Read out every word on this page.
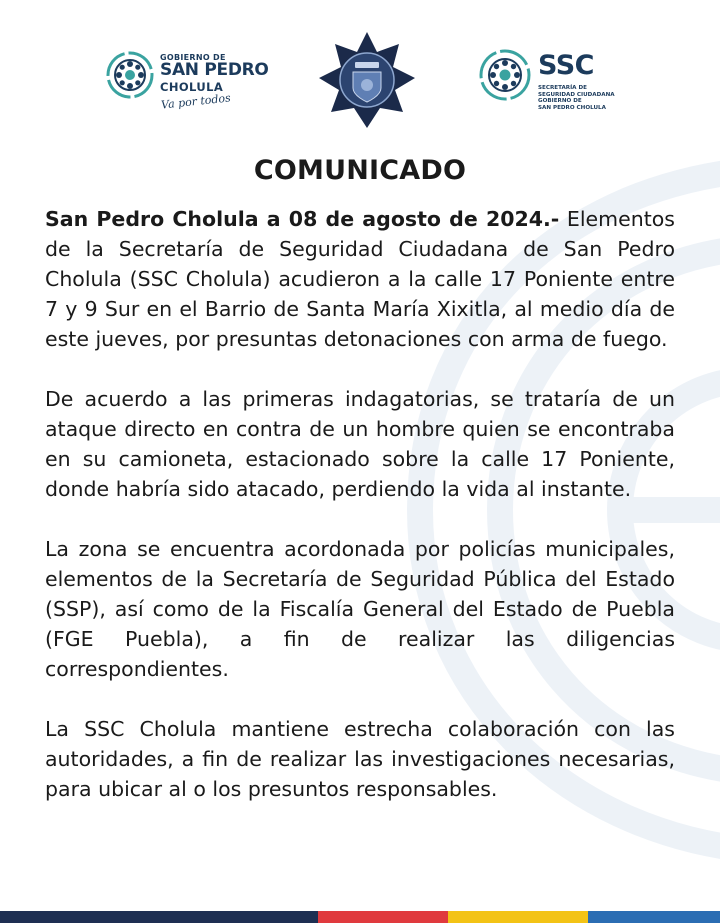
GOBIERNO DE
SAN PEDRO
CHOLULA
Va por todos
SSC
SECRETARÍA DE
SEGURIDAD CIUDADANA
GOBIERNO DE
SAN PEDRO CHOLULA
COMUNICADO

San Pedro Cholula a 08 de agosto de 2024.- Elementos de la Secretaría de Seguridad Ciudadana de San Pedro Cholula (SSC Cholula) acudieron a la calle 17 Poniente entre 7 y 9 Sur en el Barrio de Santa María Xixitla, al medio día de este jueves, por presuntas detonaciones con arma de fuego.

De acuerdo a las primeras indagatorias, se trataría de un ataque directo en contra de un hombre quien se encontraba en su camioneta, estacionado sobre la calle 17 Poniente, donde habría sido atacado, perdiendo la vida al instante.

La zona se encuentra acordonada por policías municipales, elementos de la Secretaría de Seguridad Pública del Estado (SSP), así como de la Fiscalía General del Estado de Puebla (FGE Puebla), a fin de realizar las diligencias correspondientes.

La SSC Cholula mantiene estrecha colaboración con las autoridades, a fin de realizar las investigaciones necesarias, para ubicar al o los presuntos responsables.
